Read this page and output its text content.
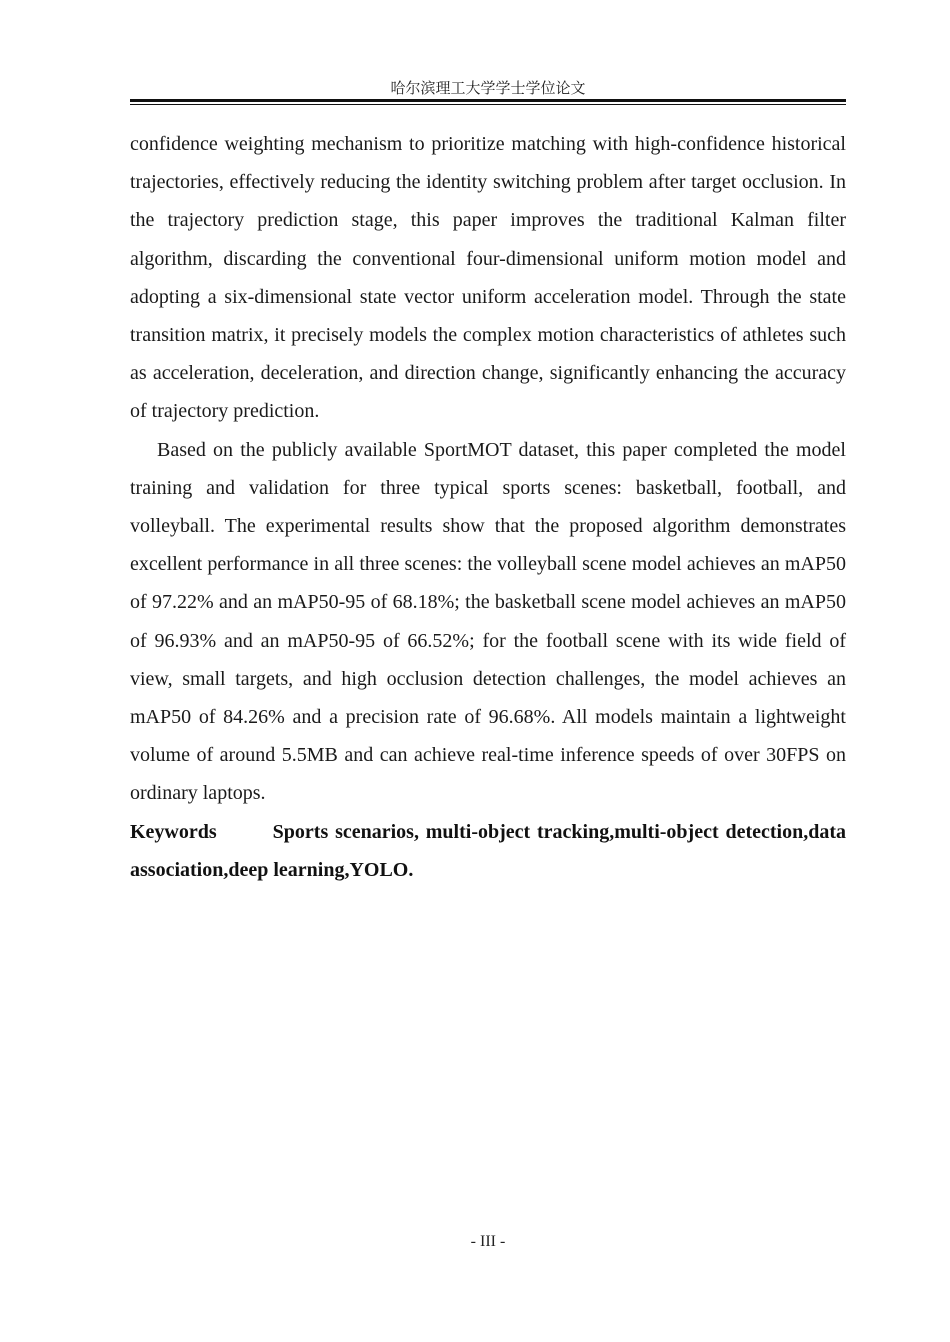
哈尔滨理工大学学士学位论文

confidence weighting mechanism to prioritize matching with high-confidence historical trajectories, effectively reducing the identity switching problem after target occlusion. In the trajectory prediction stage, this paper improves the traditional Kalman filter algorithm, discarding the conventional four-dimensional uniform motion model and adopting a six-dimensional state vector uniform acceleration model. Through the state transition matrix, it precisely models the complex motion characteristics of athletes such as acceleration, deceleration, and direction change, significantly enhancing the accuracy of trajectory prediction.

Based on the publicly available SportMOT dataset, this paper completed the model training and validation for three typical sports scenes: basketball, football, and volleyball. The experimental results show that the proposed algorithm demonstrates excellent performance in all three scenes: the volleyball scene model achieves an mAP50 of 97.22% and an mAP50-95 of 68.18%; the basketball scene model achieves an mAP50 of 96.93% and an mAP50-95 of 66.52%; for the football scene with its wide field of view, small targets, and high occlusion detection challenges, the model achieves an mAP50 of 84.26% and a precision rate of 96.68%. All models maintain a lightweight volume of around 5.5MB and can achieve real-time inference speeds of over 30FPS on ordinary laptops.

Keywords	Sports scenarios, multi-object tracking,multi-object detection,data association,deep learning,YOLO.

- III -
